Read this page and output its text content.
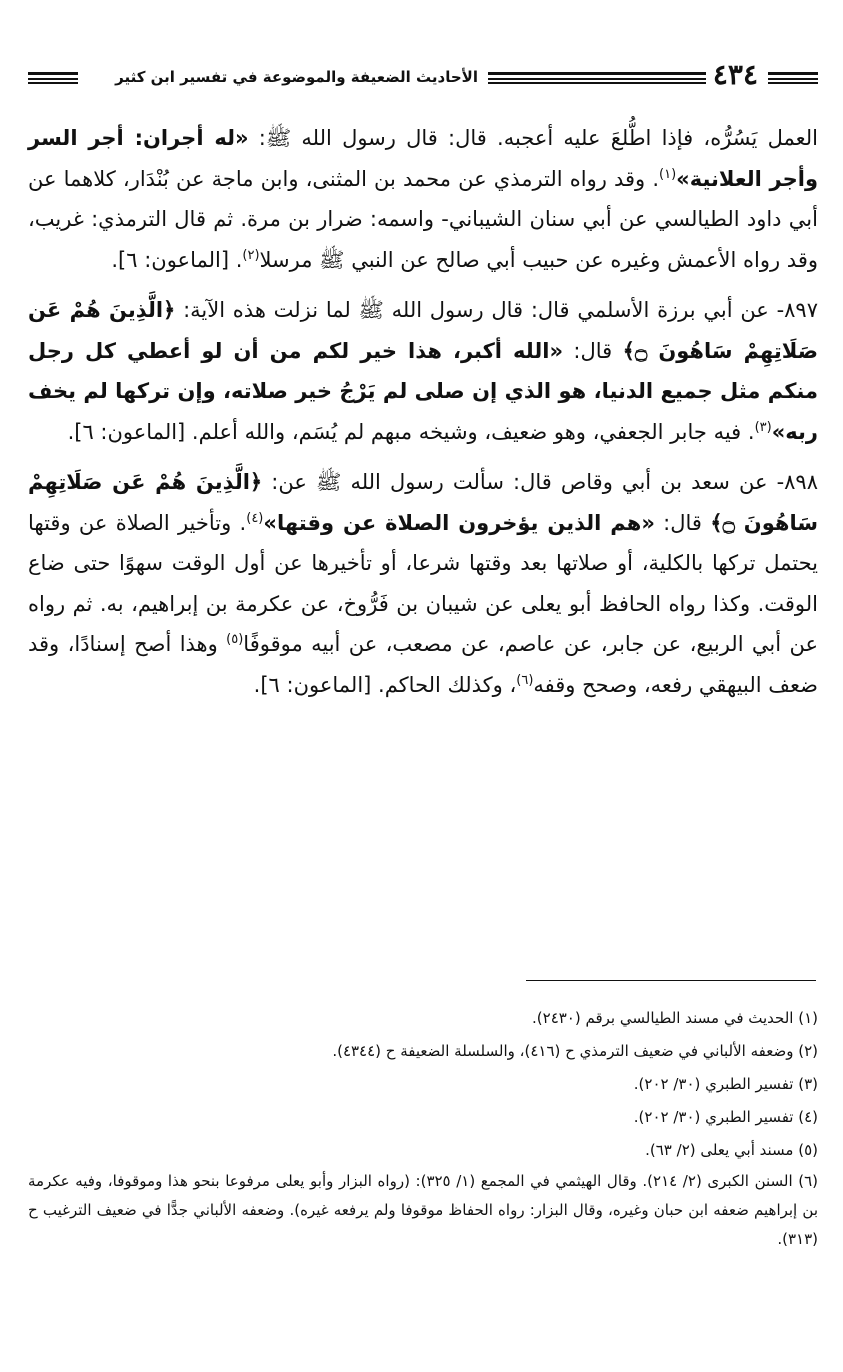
٤٣٤
الأحاديث الضعيفة والموضوعة في تفسير ابن كثير

العمل يَسُرُّه، فإذا اطُّلعَ عليه أعجبه. قال: قال رسول الله ﷺ: «له أجران: أجر السر وأجر العلانية»$^{(١)}$. وقد رواه الترمذي عن محمد بن المثنى، وابن ماجة عن بُنْدَار، كلاهما عن أبي داود الطيالسي عن أبي سنان الشيباني- واسمه: ضرار بن مرة. ثم قال الترمذي: غريب، وقد رواه الأعمش وغيره عن حبيب أبي صالح عن النبي ﷺ مرسلا$^{(٢)}$. [الماعون: ٦].

٨٩٧- عن أبي برزة الأسلمي قال: قال رسول الله ﷺ لما نزلت هذه الآية: ﴿الَّذِينَ هُمْ عَن صَلَاتِهِمْ سَاهُونَ ۝﴾ قال: «الله أكبر، هذا خير لكم من أن لو أعطي كل رجل منكم مثل جميع الدنيا، هو الذي إن صلى لم يَرْجُ خير صلاته، وإن تركها لم يخف ربه»$^{(٣)}$. فيه جابر الجعفي، وهو ضعيف، وشيخه مبهم لم يُسَم، والله أعلم. [الماعون: ٦].

٨٩٨- عن سعد بن أبي وقاص قال: سألت رسول الله ﷺ عن: ﴿الَّذِينَ هُمْ عَن صَلَاتِهِمْ سَاهُونَ ۝﴾ قال: «هم الذين يؤخرون الصلاة عن وقتها»$^{(٤)}$. وتأخير الصلاة عن وقتها يحتمل تركها بالكلية، أو صلاتها بعد وقتها شرعا، أو تأخيرها عن أول الوقت سهوًا حتى ضاع الوقت. وكذا رواه الحافظ أبو يعلى عن شيبان بن فَرُّوخ، عن عكرمة بن إبراهيم، به. ثم رواه عن أبي الربيع، عن جابر، عن عاصم، عن مصعب، عن أبيه موقوفًا$^{(٥)}$ وهذا أصح إسنادًا، وقد ضعف البيهقي رفعه، وصحح وقفه$^{(٦)}$، وكذلك الحاكم. [الماعون: ٦].

(١) الحديث في مسند الطيالسي برقم (٢٤٣٠).

(٢) وضعفه الألباني في ضعيف الترمذي ح (٤١٦)، والسلسلة الضعيفة ح (٤٣٤٤).

(٣) تفسير الطبري (٣٠/ ٢٠٢).

(٤) تفسير الطبري (٣٠/ ٢٠٢).

(٥) مسند أبي يعلى (٢/ ٦٣).

(٦) السنن الكبرى (٢/ ٢١٤). وقال الهيثمي في المجمع (١/ ٣٢٥): (رواه البزار وأبو يعلى مرفوعا بنحو هذا وموقوفا، وفيه عكرمة بن إبراهيم ضعفه ابن حبان وغيره، وقال البزار: رواه الحفاظ موقوفا ولم يرفعه غيره). وضعفه الألباني جدًّا في ضعيف الترغيب ح (٣١٣).
